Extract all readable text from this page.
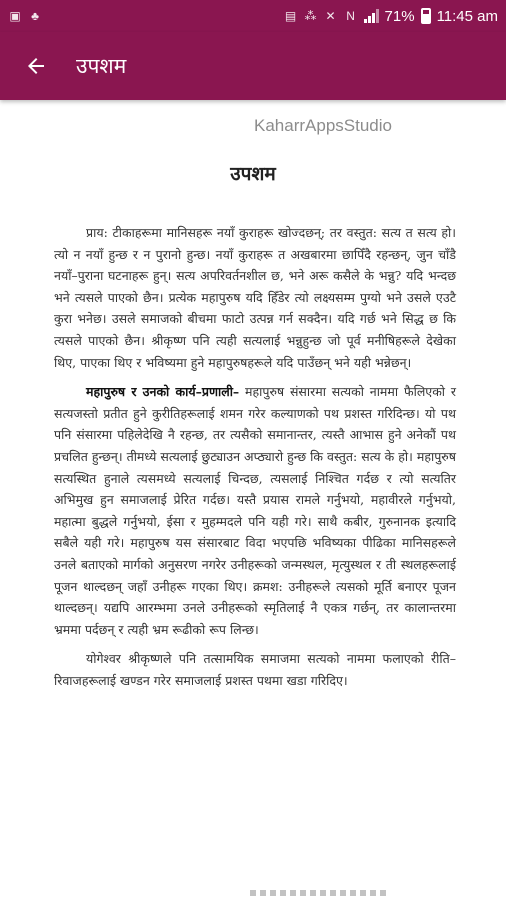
▣ ♣	▤ ⁂ ✕ N 71% 11:45 am
उपशम
KaharrAppsStudio
उपशम

प्राय: टीकाहरूमा मानिसहरू नयाँ कुराहरू खोज्दछन्; तर वस्तुत: सत्य त सत्य हो। त्यो न नयाँ हुन्छ र न पुरानो हुन्छ। नयाँ कुराहरू त अखबारमा छापिँदै रहन्छन्, जुन चाँडै नयाँ–पुराना घटनाहरू हुन्। सत्य अपरिवर्तनशील छ, भने अरू कसैले के भन्नु? यदि भन्दछ भने त्यसले पाएको छैन। प्रत्येक महापुरुष यदि हिँडेर त्यो लक्ष्यसम्म पुग्यो भने उसले एउटै कुरा भनेछ। उसले समाजको बीचमा फाटो उत्पन्न गर्न सक्दैन। यदि गर्छ भने सिद्ध छ कि त्यसले पाएको छैन। श्रीकृष्ण पनि त्यही सत्यलाई भन्नुहुन्छ जो पूर्व मनीषिहरूले देखेका थिए, पाएका थिए र भविष्यमा हुने महापुरुषहरूले यदि पाउँछन् भने यही भन्नेछन्।

महापुरुष र उनको कार्य–प्रणाली– महापुरुष संसारमा सत्यको नाममा फैलिएको र सत्यजस्तो प्रतीत हुने कुरीतिहरूलाई शमन गरेर कल्याणको पथ प्रशस्त गरिदिन्छ। यो पथ पनि संसारमा पहिलेदेखि नै रहन्छ, तर त्यसैको समानान्तर, त्यस्तै आभास हुने अनेकौं पथ प्रचलित हुन्छन्। तीमध्ये सत्यलाई छुट्याउन अप्ठ्यारो हुन्छ कि वस्तुत: सत्य के हो। महापुरुष सत्यस्थित हुनाले त्यसमध्ये सत्यलाई चिन्दछ, त्यसलाई निश्चित गर्दछ र त्यो सत्यतिर अभिमुख हुन समाजलाई प्रेरित गर्दछ। यस्तै प्रयास रामले गर्नुभयो, महावीरले गर्नुभयो, महात्मा बुद्धले गर्नुभयो, ईसा र मुहम्मदले पनि यही गरे। साथै कबीर, गुरुनानक इत्यादि सबैले यही गरे। महापुरुष यस संसारबाट विदा भएपछि भविष्यका पीढिका मानिसहरूले उनले बताएको मार्गको अनुसरण नगरेर उनीहरूको जन्मस्थल, मृत्युस्थल र ती स्थलहरूलाई पूजन थाल्दछन् जहाँ उनीहरू गएका थिए। क्रमश: उनीहरूले त्यसको मूर्ति बनाएर पूजन थाल्दछन्। यद्यपि आरम्भमा उनले उनीहरूको स्मृतिलाई नै एकत्र गर्छन्, तर कालान्तरमा भ्रममा पर्दछन् र त्यही भ्रम रूढीको रूप लिन्छ।

योगेश्वर श्रीकृष्णले पनि तत्सामयिक समाजमा सत्यको नाममा फलाएको रीति–रिवाजहरूलाई खण्डन गरेर समाजलाई प्रशस्त पथमा खडा गरिदिए।
